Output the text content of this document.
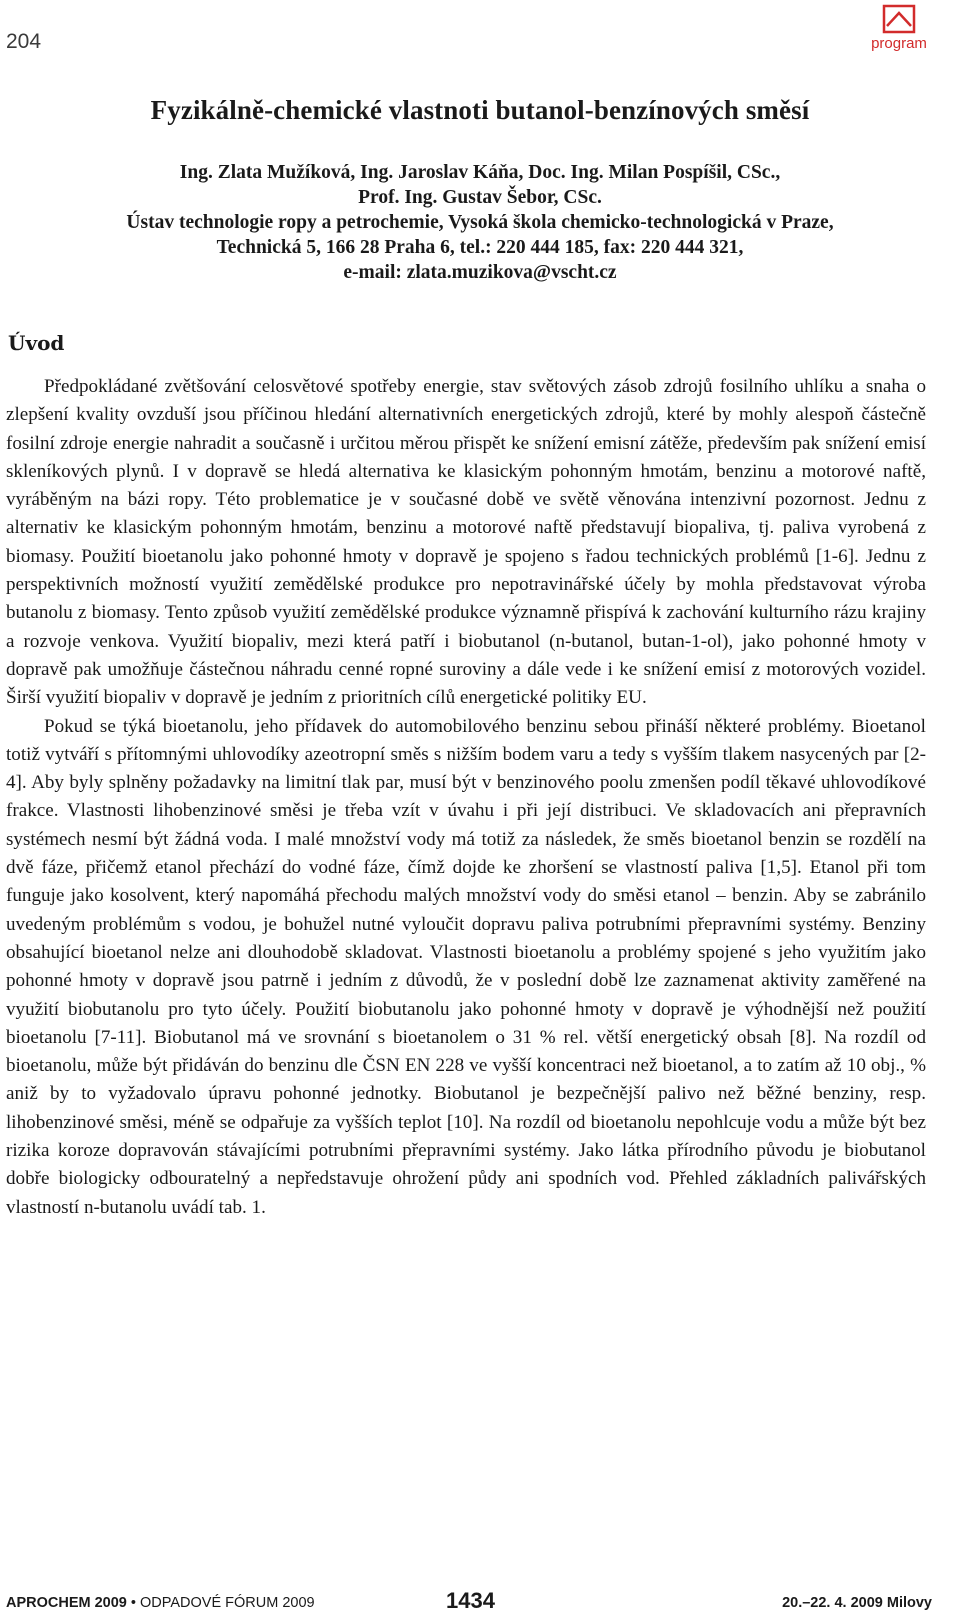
204	program
Fyzikálně-chemické vlastnoti butanol-benzínových směsí
Ing. Zlata Mužíková, Ing. Jaroslav Káňa, Doc. Ing. Milan Pospíšil, CSc.,
Prof. Ing. Gustav Šebor, CSc.
Ústav technologie ropy a petrochemie, Vysoká škola chemicko-technologická v Praze,
Technická 5, 166 28 Praha 6, tel.: 220 444 185, fax: 220 444 321,
e-mail: zlata.muzikova@vscht.cz
Úvod

Předpokládané zvětšování celosvětové spotřeby energie, stav světových zásob zdrojů fosilního uhlíku a snaha o zlepšení kvality ovzduší jsou příčinou hledání alternativních energetických zdrojů, které by mohly alespoň částečně fosilní zdroje energie nahradit a současně i určitou měrou přispět ke snížení emisní zátěže, především pak snížení emisí skleníkových plynů. I v dopravě se hledá alternativa ke klasickým pohonným hmotám, benzinu a motorové naftě, vyráběným na bázi ropy. Této problematice je v současné době ve světě věnována intenzivní pozornost. Jednu z alternativ ke klasickým pohonným hmotám, benzinu a motorové naftě představují biopaliva, tj. paliva vyrobená z biomasy. Použití bioetanolu jako pohonné hmoty v dopravě je spojeno s řadou technických problémů [1-6]. Jednu z perspektivních možností využití zemědělské produkce pro nepotravinářské účely by mohla představovat výroba butanolu z biomasy. Tento způsob využití zemědělské produkce významně přispívá k zachování kulturního rázu krajiny a rozvoje venkova. Využití biopaliv, mezi která patří i biobutanol (n-butanol, butan-1-ol), jako pohonné hmoty v dopravě pak umožňuje částečnou náhradu cenné ropné suroviny a dále vede i ke snížení emisí z motorových vozidel. Širší využití biopaliv v dopravě je jedním z prioritních cílů energetické politiky EU.

Pokud se týká bioetanolu, jeho přídavek do automobilového benzinu sebou přináší některé problémy. Bioetanol totiž vytváří s přítomnými uhlovodíky azeotropní směs s nižším bodem varu a tedy s vyšším tlakem nasycených par [2-4]. Aby byly splněny požadavky na limitní tlak par, musí být v benzinového poolu zmenšen podíl těkavé uhlovodíkové frakce. Vlastnosti lihobenzinové směsi je třeba vzít v úvahu i při její distribuci. Ve skladovacích ani přepravních systémech nesmí být žádná voda. I malé množství vody má totiž za následek, že směs bioetanol benzin se rozdělí na dvě fáze, přičemž etanol přechází do vodné fáze, čímž dojde ke zhoršení se vlastností paliva [1,5]. Etanol při tom funguje jako kosolvent, který napomáhá přechodu malých množství vody do směsi etanol – benzin. Aby se zabránilo uvedeným problémům s vodou, je bohužel nutné vyloučit dopravu paliva potrubními přepravními systémy. Benziny obsahující bioetanol nelze ani dlouhodobě skladovat. Vlastnosti bioetanolu a problémy spojené s jeho využitím jako pohonné hmoty v dopravě jsou patrně i jedním z důvodů, že v poslední době lze zaznamenat aktivity zaměřené na využití biobutanolu pro tyto účely. Použití biobutanolu jako pohonné hmoty v dopravě je výhodnější než použití bioetanolu [7-11]. Biobutanol má ve srovnání s bioetanolem o 31 % rel. větší energetický obsah [8]. Na rozdíl od bioetanolu, může být přidáván do benzinu dle ČSN EN 228 ve vyšší koncentraci než bioetanol, a to zatím až 10 obj., % aniž by to vyžadovalo úpravu pohonné jednotky. Biobutanol je bezpečnější palivo než běžné benziny, resp. lihobenzinové směsi, méně se odpařuje za vyšších teplot [10]. Na rozdíl od bioetanolu nepohlcuje vodu a může být bez rizika koroze dopravován stávajícími potrubními přepravními systémy. Jako látka přírodního původu je biobutanol dobře biologicky odbouratelný a nepředstavuje ohrožení půdy ani spodních vod. Přehled základních palivářských vlastností n-butanolu uvádí tab. 1.

APROCHEM 2009 • ODPADOVÉ FÓRUM 2009	1434	20.–22. 4. 2009 Milovy
